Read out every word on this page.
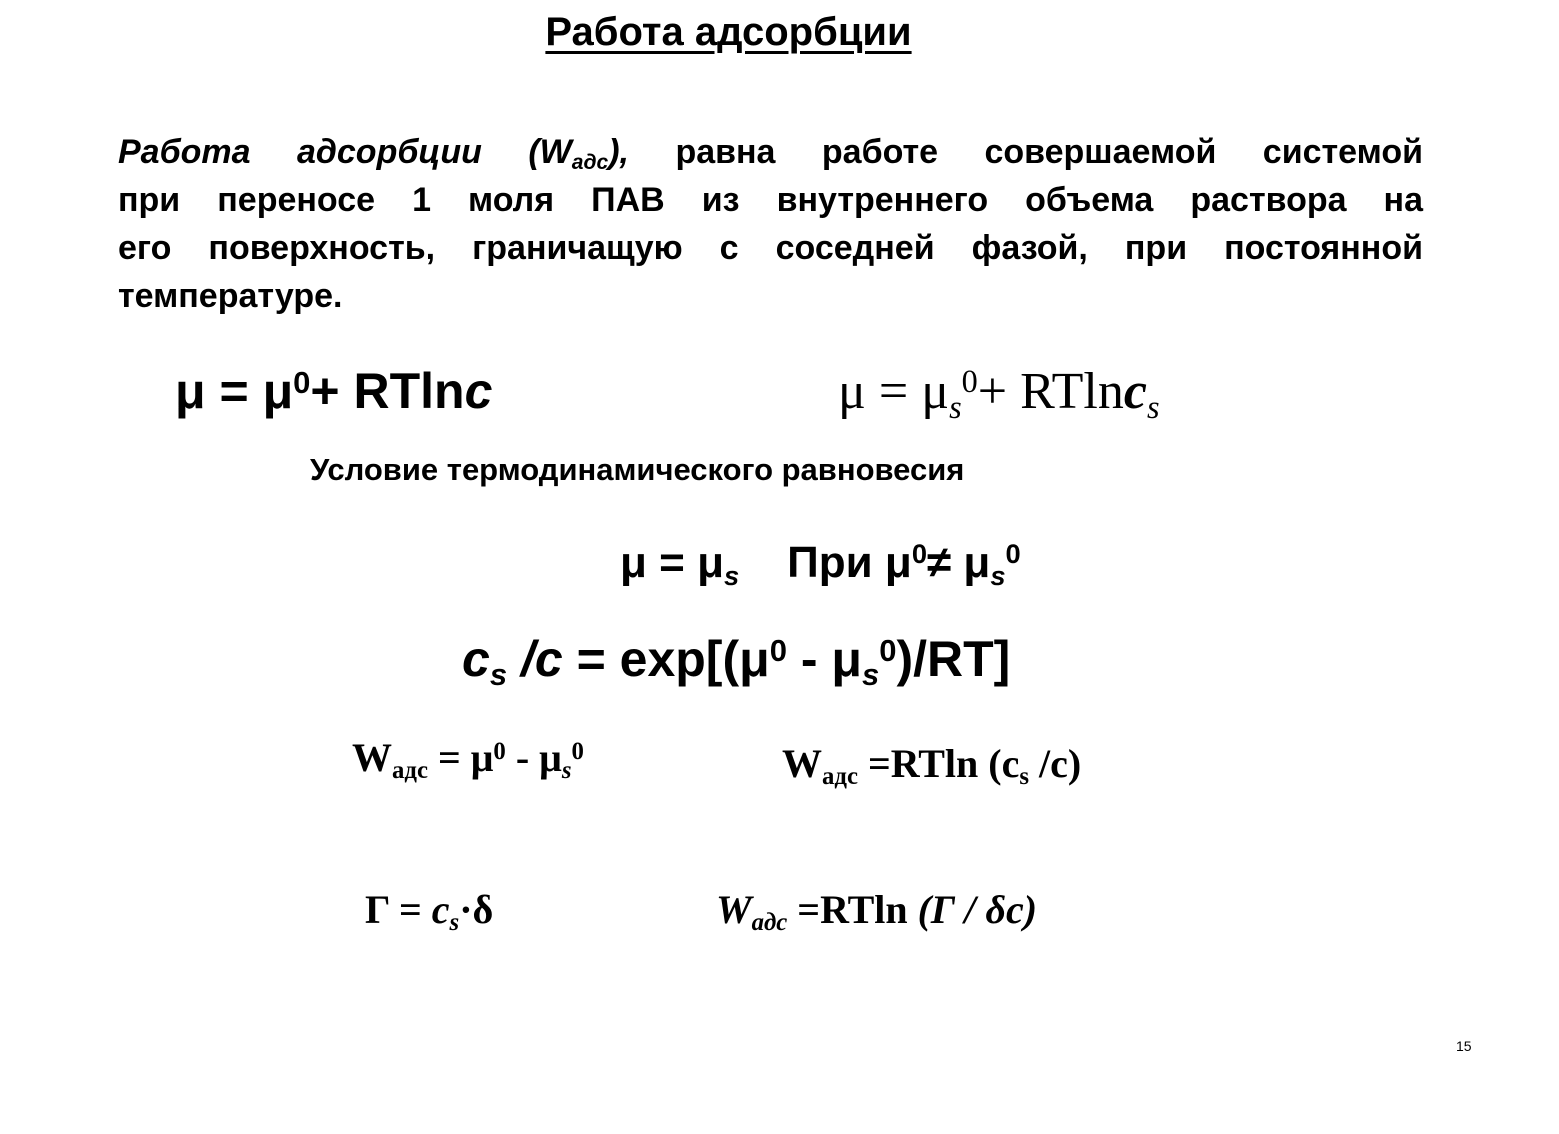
Работа адсорбции
Работа адсорбции $(W_{адс})$, равна работе совершаемой системой
при переносе 1 моля ПАВ из внутреннего объема раствора на
его поверхность, граничащую с соседней фазой, при постоянной
температуре.
$\mu = \mu^0+ RTlnc$	$\mu = \mu_s^0+ RTlnc_s$
Условие термодинамического равновесия
$\mu = \mu_s$ При $\mu^0\ne \mu_s^0$
$c_s$ $/c = \exp[(\mu^0 - \mu_s^0)/RT]$
$W_{адс} = \mu^0 - \mu_s^0$	$W_{адс} =RTln$ ($c_s$ /c)
$\Gamma = c_s\cdot\delta$	$W_{адс} =RTln$ (Γ / δc)
15
